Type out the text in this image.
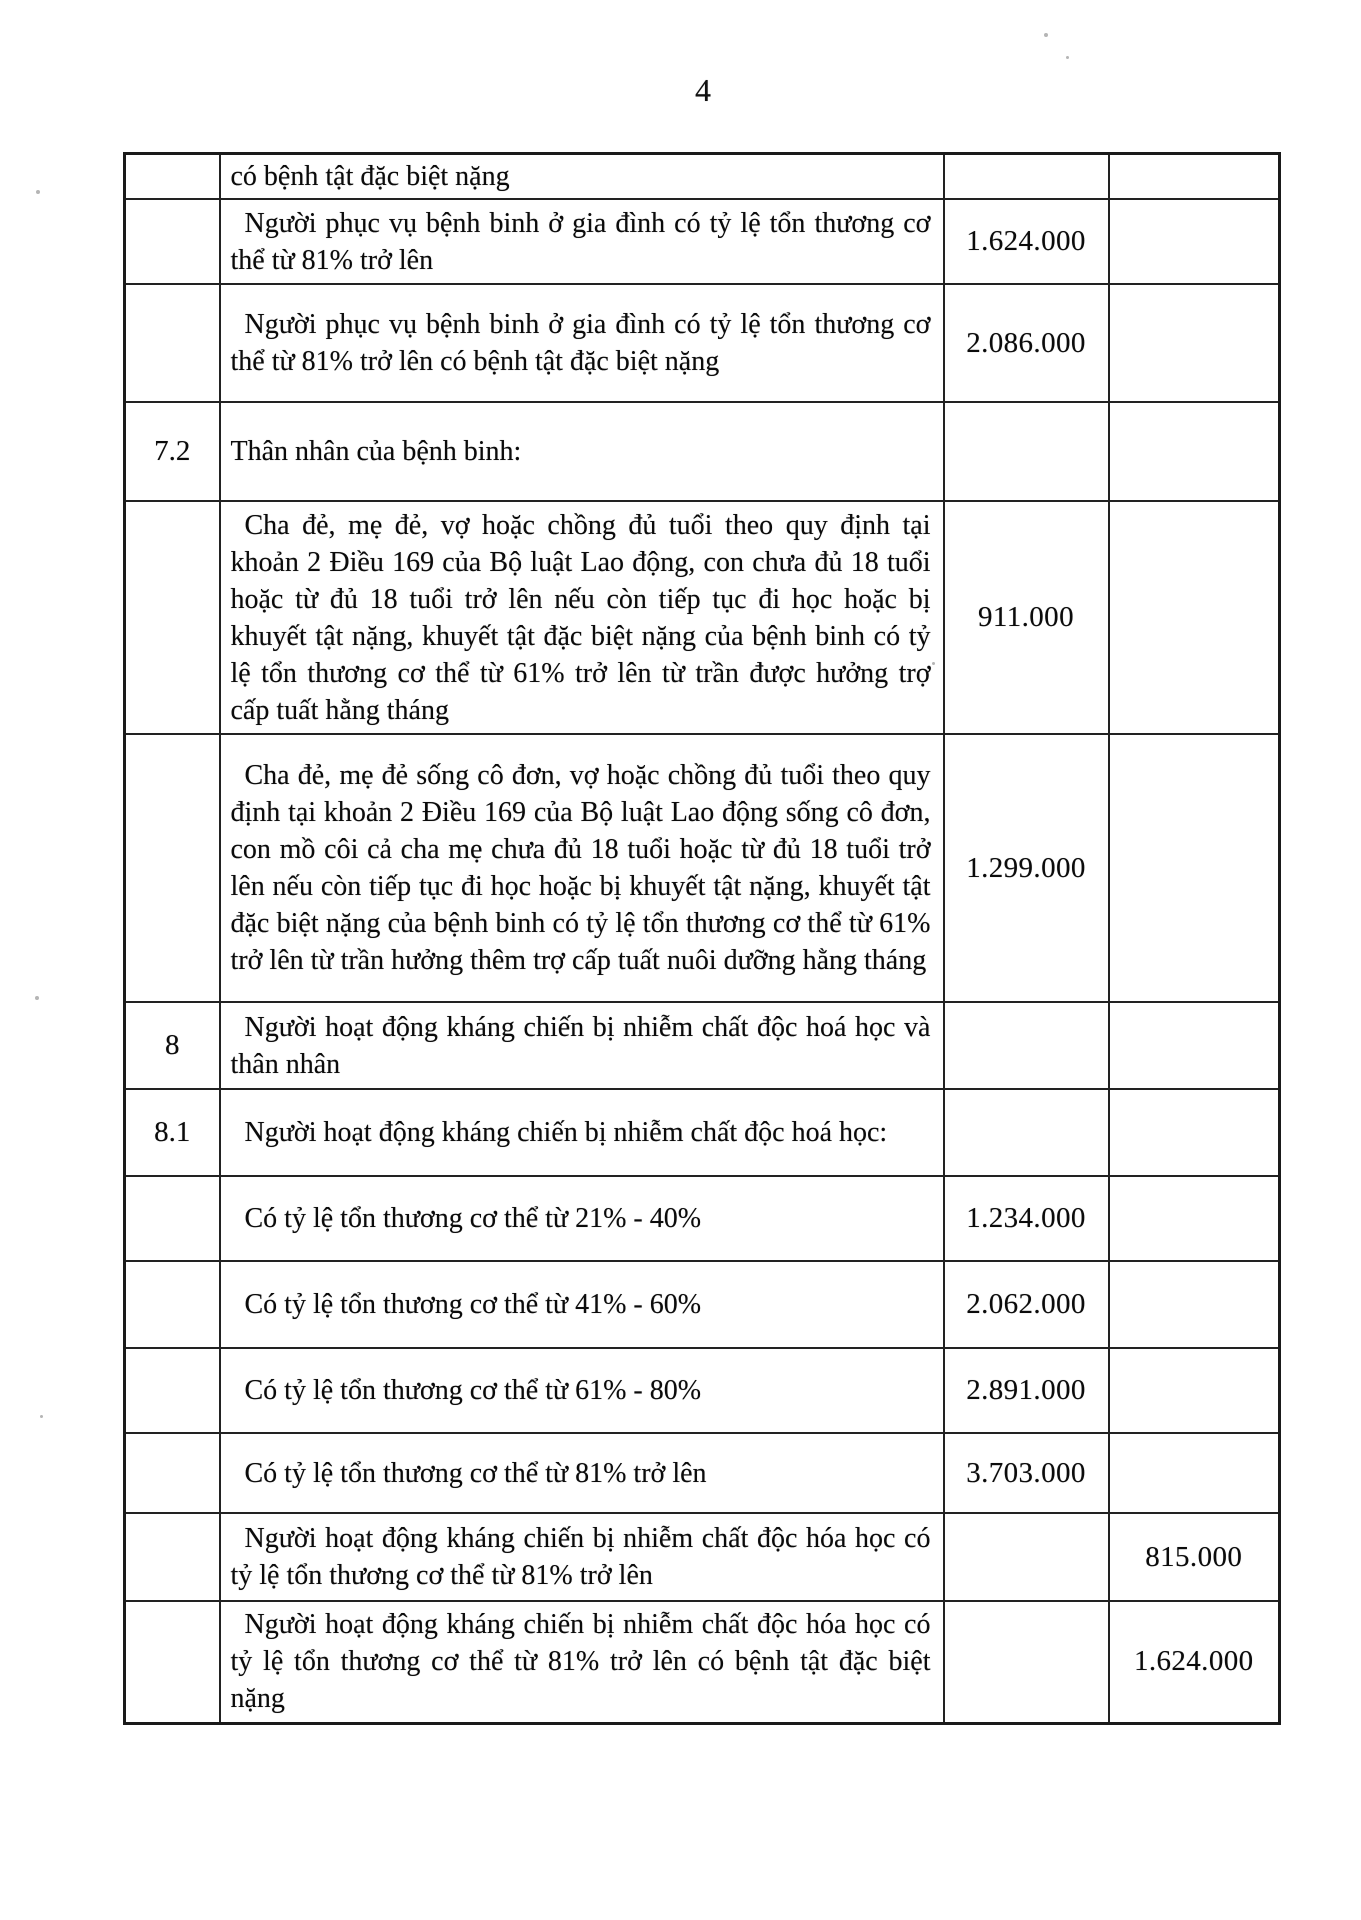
4
	có bệnh tật đặc biệt nặng		
	Người phục vụ bệnh binh ở gia đình có tỷ lệ tổn thương cơ thể từ 81% trở lên	1.624.000	
	Người phục vụ bệnh binh ở gia đình có tỷ lệ tổn thương cơ thể từ 81% trở lên có bệnh tật đặc biệt nặng	2.086.000	
7.2	Thân nhân của bệnh binh:		
	Cha đẻ, mẹ đẻ, vợ hoặc chồng đủ tuổi theo quy định tại khoản 2 Điều 169 của Bộ luật Lao động, con chưa đủ 18 tuổi hoặc từ đủ 18 tuổi trở lên nếu còn tiếp tục đi học hoặc bị khuyết tật nặng, khuyết tật đặc biệt nặng của bệnh binh có tỷ lệ tổn thương cơ thể từ 61% trở lên từ trần được hưởng trợ cấp tuất hằng tháng	911.000	
	Cha đẻ, mẹ đẻ sống cô đơn, vợ hoặc chồng đủ tuổi theo quy định tại khoản 2 Điều 169 của Bộ luật Lao động sống cô đơn, con mồ côi cả cha mẹ chưa đủ 18 tuổi hoặc từ đủ 18 tuổi trở lên nếu còn tiếp tục đi học hoặc bị khuyết tật nặng, khuyết tật đặc biệt nặng của bệnh binh có tỷ lệ tổn thương cơ thể từ 61% trở lên từ trần hưởng thêm trợ cấp tuất nuôi dưỡng hằng tháng	1.299.000	
8	Người hoạt động kháng chiến bị nhiễm chất độc hoá học và thân nhân		
8.1	Người hoạt động kháng chiến bị nhiễm chất độc hoá học:		
	Có tỷ lệ tổn thương cơ thể từ 21% - 40%	1.234.000	
	Có tỷ lệ tổn thương cơ thể từ 41% - 60%	2.062.000	
	Có tỷ lệ tổn thương cơ thể từ 61% - 80%	2.891.000	
	Có tỷ lệ tổn thương cơ thể từ 81% trở lên	3.703.000	
	Người hoạt động kháng chiến bị nhiễm chất độc hóa học có tỷ lệ tổn thương cơ thể từ 81% trở lên		815.000
	Người hoạt động kháng chiến bị nhiễm chất độc hóa học có tỷ lệ tổn thương cơ thể từ 81% trở lên có bệnh tật đặc biệt nặng		1.624.000
